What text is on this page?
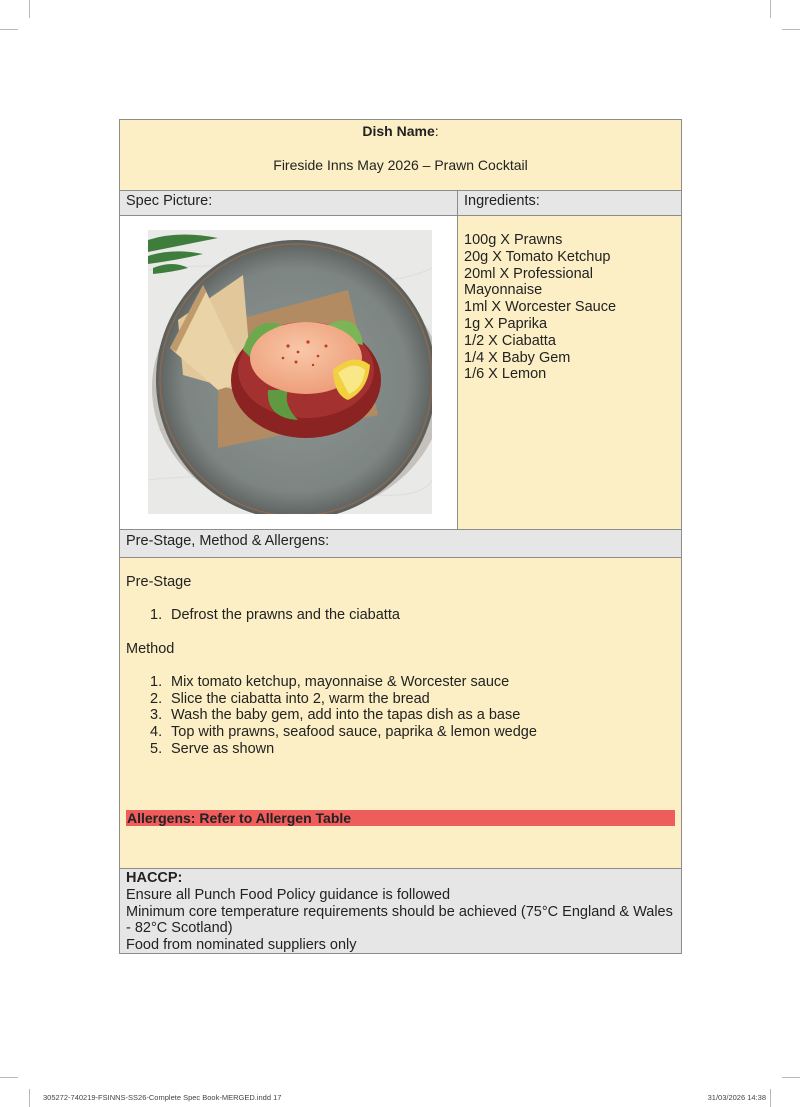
Dish Name:
Fireside Inns May 2026 – Prawn Cocktail
Spec Picture:	Ingredients:
100g X Prawns
20g X Tomato Ketchup
20ml X Professional Mayonnaise
1ml X Worcester Sauce
1g X Paprika
1/2 X Ciabatta
1/4 X Baby Gem
1/6 X Lemon
Pre-Stage, Method & Allergens:
Pre-Stage
1. Defrost the prawns and the ciabatta
Method
1. Mix tomato ketchup, mayonnaise & Worcester sauce
2. Slice the ciabatta into 2, warm the bread
3. Wash the baby gem, add into the tapas dish as a base
4. Top with prawns, seafood sauce, paprika & lemon wedge
5. Serve as shown
Allergens: Refer to Allergen Table
HACCP:
Ensure all Punch Food Policy guidance is followed
Minimum core temperature requirements should be achieved (75°C England & Wales - 82°C Scotland)
Food from nominated suppliers only
305272-740219-FSINNS-SS26-Complete Spec Book-MERGED.indd 17	31/03/2026 14:38
